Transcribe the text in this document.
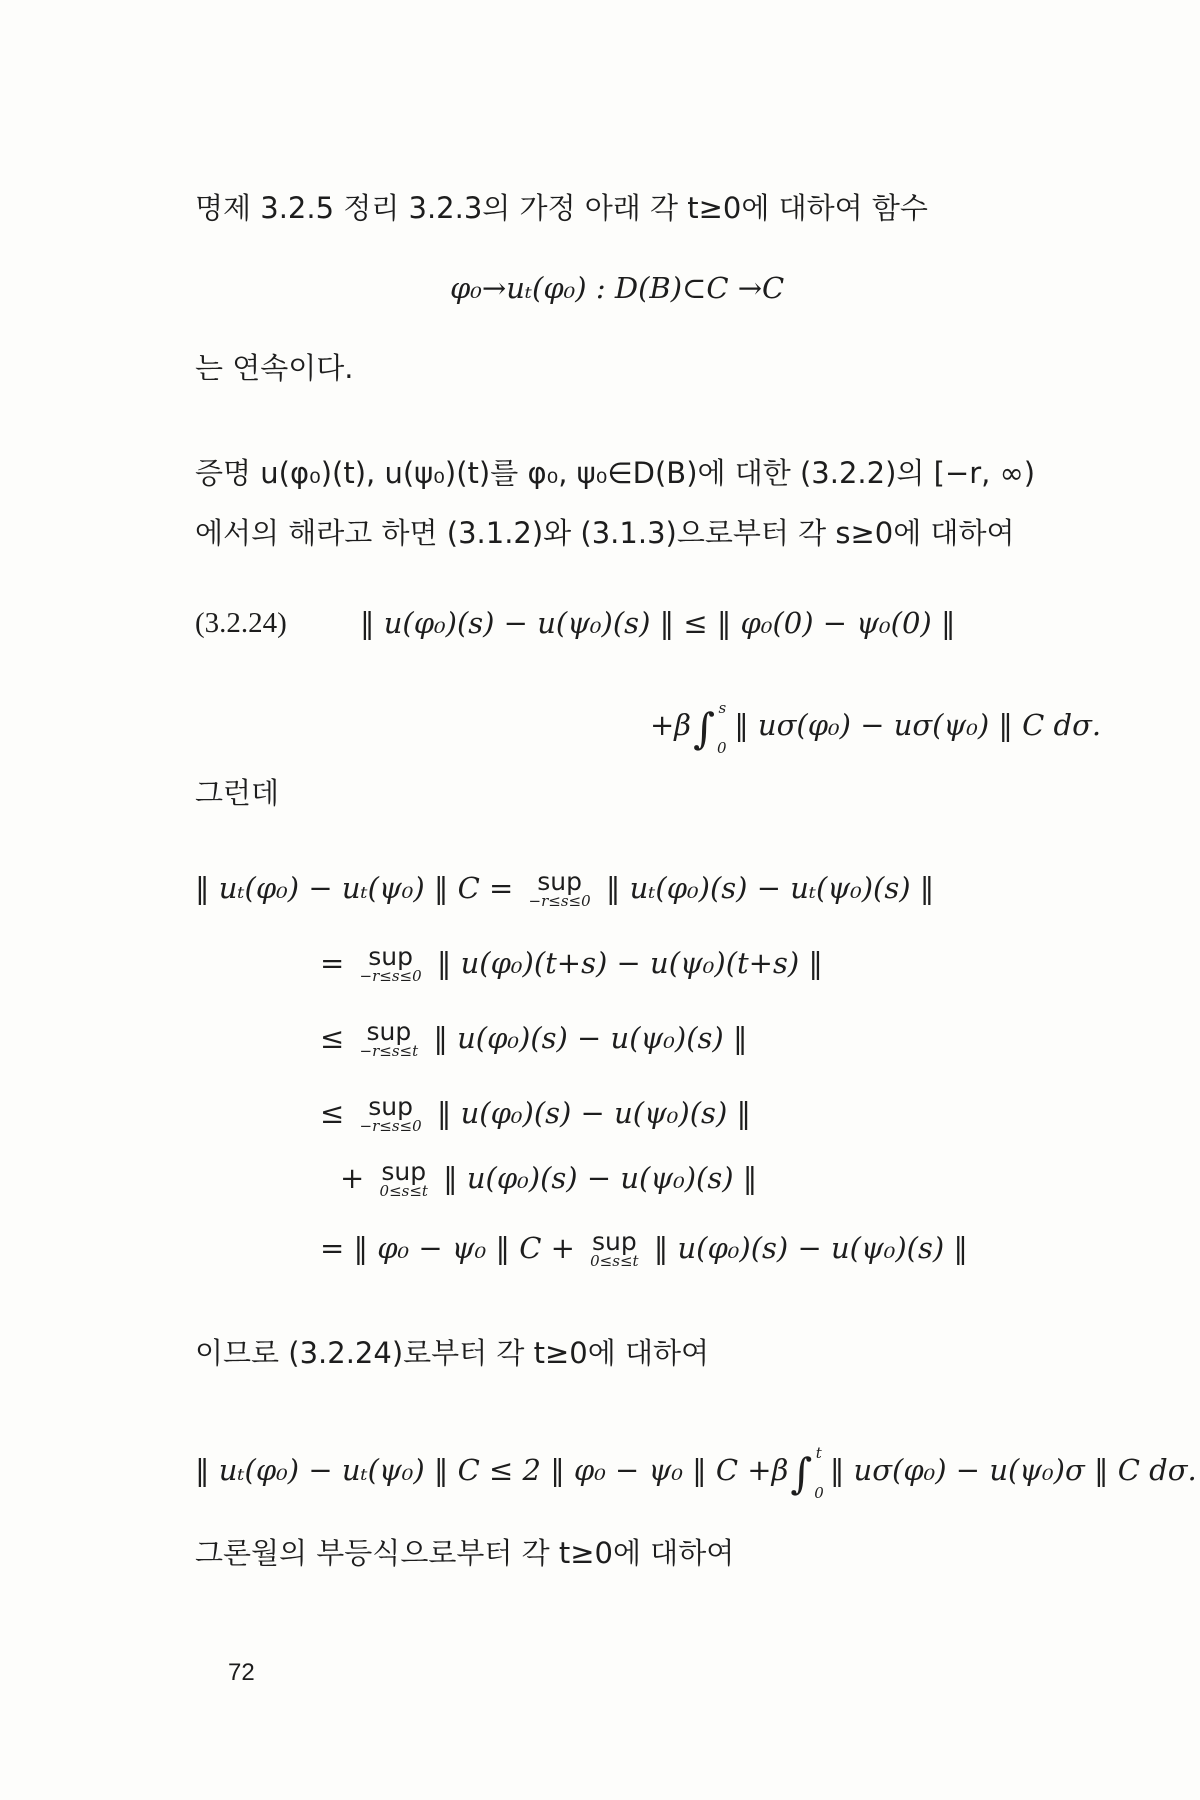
명제 3.2.5 정리 3.2.3의 가정 아래 각 t≥0에 대하여 함수
φ₀→uₜ(φ₀) : D(B)⊂C →C
는 연속이다.
증명 u(φ₀)(t), u(ψ₀)(t)를 φ₀, ψ₀∈D(B)에 대한 (3.2.2)의 [−r, ∞)
에서의 해라고 하면 (3.1.2)와 (3.1.3)으로부터 각 s≥0에 대하여
(3.2.24)	‖ u(φ₀)(s) − u(ψ₀)(s) ‖ ≤ ‖ φ₀(0) − ψ₀(0) ‖
+β∫ $_0^s$ ‖ uσ(φ₀) − uσ(ψ₀) ‖ C dσ.
그런데
‖ uₜ(φ₀) − uₜ(ψ₀) ‖ C = sup
−r≤s≤0 ‖ uₜ(φ₀)(s) − uₜ(ψ₀)(s) ‖
= sup
−r≤s≤0 ‖ u(φ₀)(t+s) − u(ψ₀)(t+s) ‖
≤ sup
−r≤s≤t ‖ u(φ₀)(s) − u(ψ₀)(s) ‖
≤ sup
−r≤s≤0 ‖ u(φ₀)(s) − u(ψ₀)(s) ‖
+ sup
0≤s≤t ‖ u(φ₀)(s) − u(ψ₀)(s) ‖
= ‖ φ₀ − ψ₀ ‖ C + sup
0≤s≤t ‖ u(φ₀)(s) − u(ψ₀)(s) ‖
이므로 (3.2.24)로부터 각 t≥0에 대하여
‖ uₜ(φ₀) − uₜ(ψ₀) ‖ C ≤ 2 ‖ φ₀ − ψ₀ ‖ C +β∫ $_0^t$ ‖ uσ(φ₀) − u(ψ₀)σ ‖ C dσ.
그론월의 부등식으로부터 각 t≥0에 대하여
72
